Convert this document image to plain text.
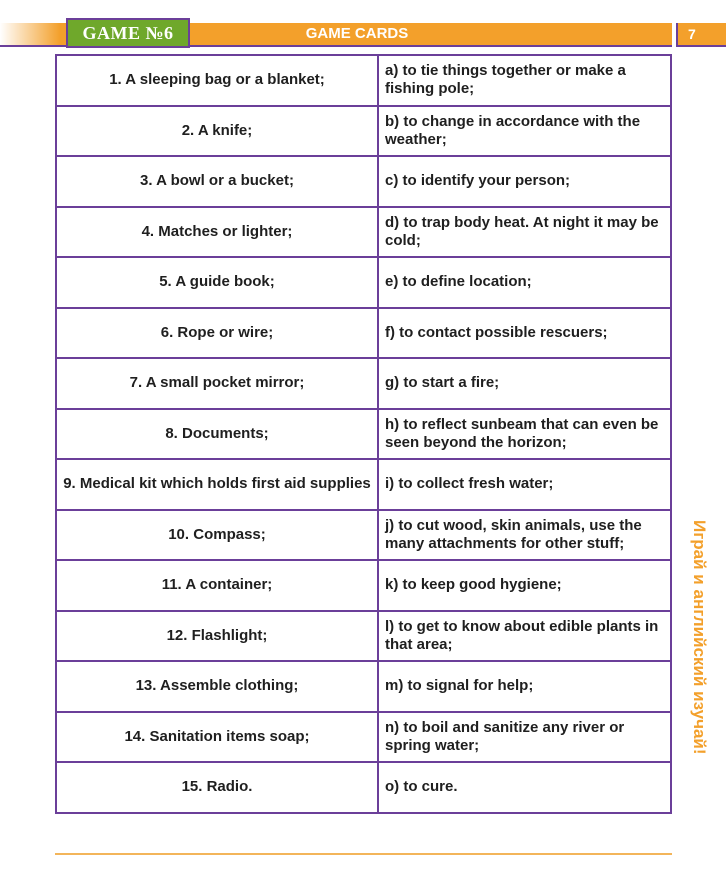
GAME №6	GAME CARDS	7
1. A sleeping bag or a blanket;	a) to tie things together or make a fishing pole;
2. A knife;	b) to change in accordance with the weather;
3. A bowl or a bucket;	c) to identify your person;
4. Matches or lighter;	d) to trap body heat. At night it may be cold;
5. A guide book;	e) to define location;
6. Rope or wire;	f) to contact possible rescuers;
7. A small pocket mirror;	g) to start a fire;
8. Documents;	h) to reflect sunbeam that can even be seen beyond the horizon;
9. Medical kit which holds first aid supplies	i) to collect fresh water;
10. Compass;	j) to cut wood, skin animals, use the many attachments for other stuff;
11. A container;	k) to keep good hygiene;
12. Flashlight;	l) to get to know about edible plants in that area;
13. Assemble clothing;	m) to signal for help;
14. Sanitation items soap;	n) to boil and sanitize any river or spring water;
15. Radio.	o) to cure.
Играй и английский изучай!
